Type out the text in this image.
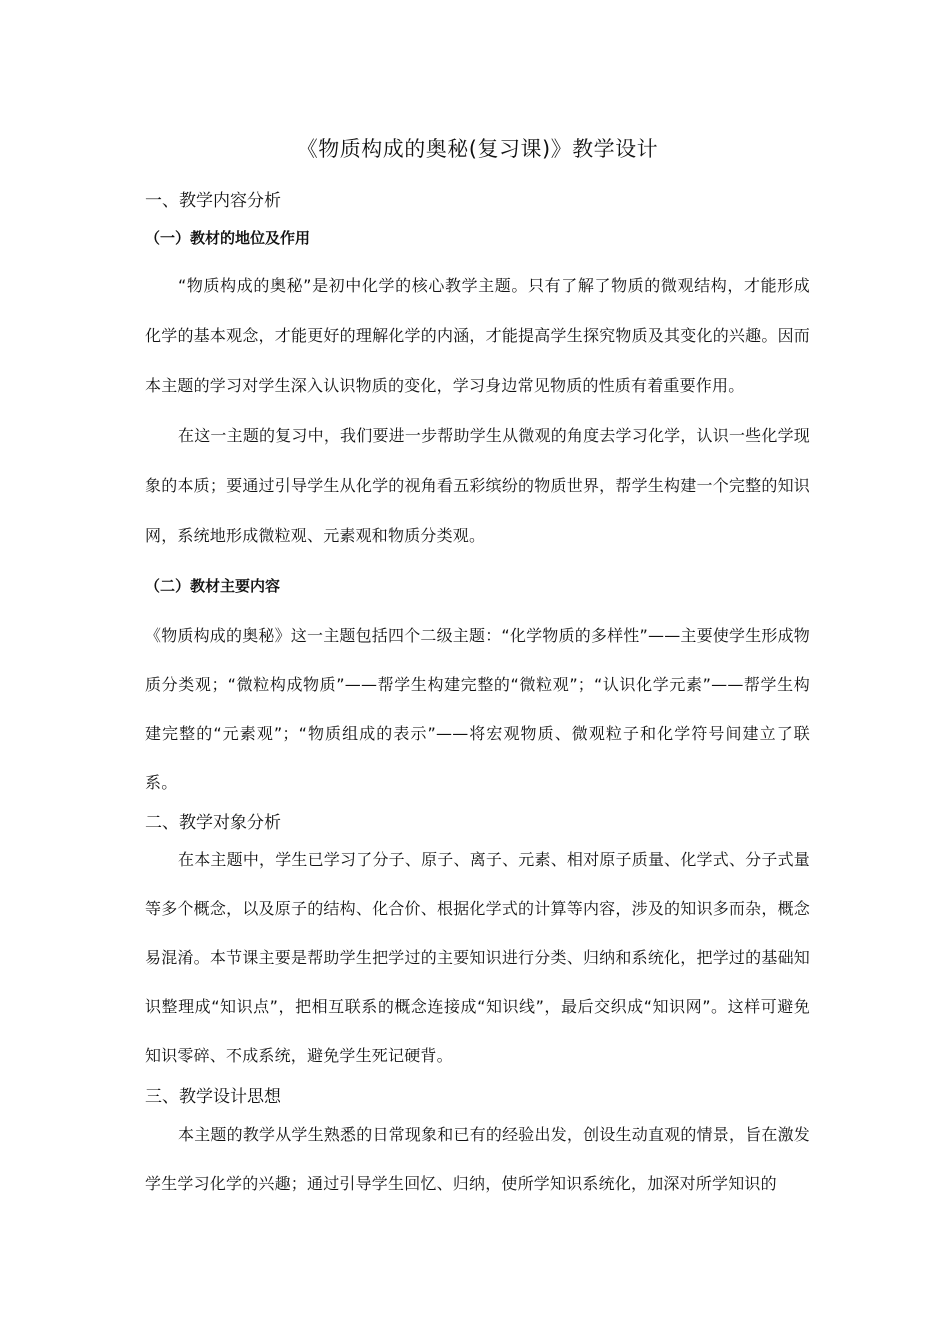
《物质构成的奥秘(复习课)》教学设计
一、教学内容分析
（一）教材的地位及作用
“物质构成的奥秘”是初中化学的核心教学主题。只有了解了物质的微观结构，才能形成化学的基本观念，才能更好的理解化学的内涵，才能提高学生探究物质及其变化的兴趣。因而本主题的学习对学生深入认识物质的变化，学习身边常见物质的性质有着重要作用。
在这一主题的复习中，我们要进一步帮助学生从微观的角度去学习化学，认识一些化学现象的本质；要通过引导学生从化学的视角看五彩缤纷的物质世界，帮学生构建一个完整的知识网，系统地形成微粒观、元素观和物质分类观。
（二）教材主要内容
《物质构成的奥秘》这一主题包括四个二级主题：“化学物质的多样性”——主要使学生形成物质分类观；“微粒构成物质”——帮学生构建完整的“微粒观”；“认识化学元素”——帮学生构建完整的“元素观”；“物质组成的表示”——将宏观物质、微观粒子和化学符号间建立了联系。
二、教学对象分析
在本主题中，学生已学习了分子、原子、离子、元素、相对原子质量、化学式、分子式量等多个概念，以及原子的结构、化合价、根据化学式的计算等内容，涉及的知识多而杂，概念易混淆。本节课主要是帮助学生把学过的主要知识进行分类、归纳和系统化，把学过的基础知识整理成“知识点”，把相互联系的概念连接成“知识线”，最后交织成“知识网”。这样可避免知识零碎、不成系统，避免学生死记硬背。
三、教学设计思想
本主题的教学从学生熟悉的日常现象和已有的经验出发，创设生动直观的情景，旨在激发学生学习化学的兴趣；通过引导学生回忆、归纳，使所学知识系统化，加深对所学知识的
